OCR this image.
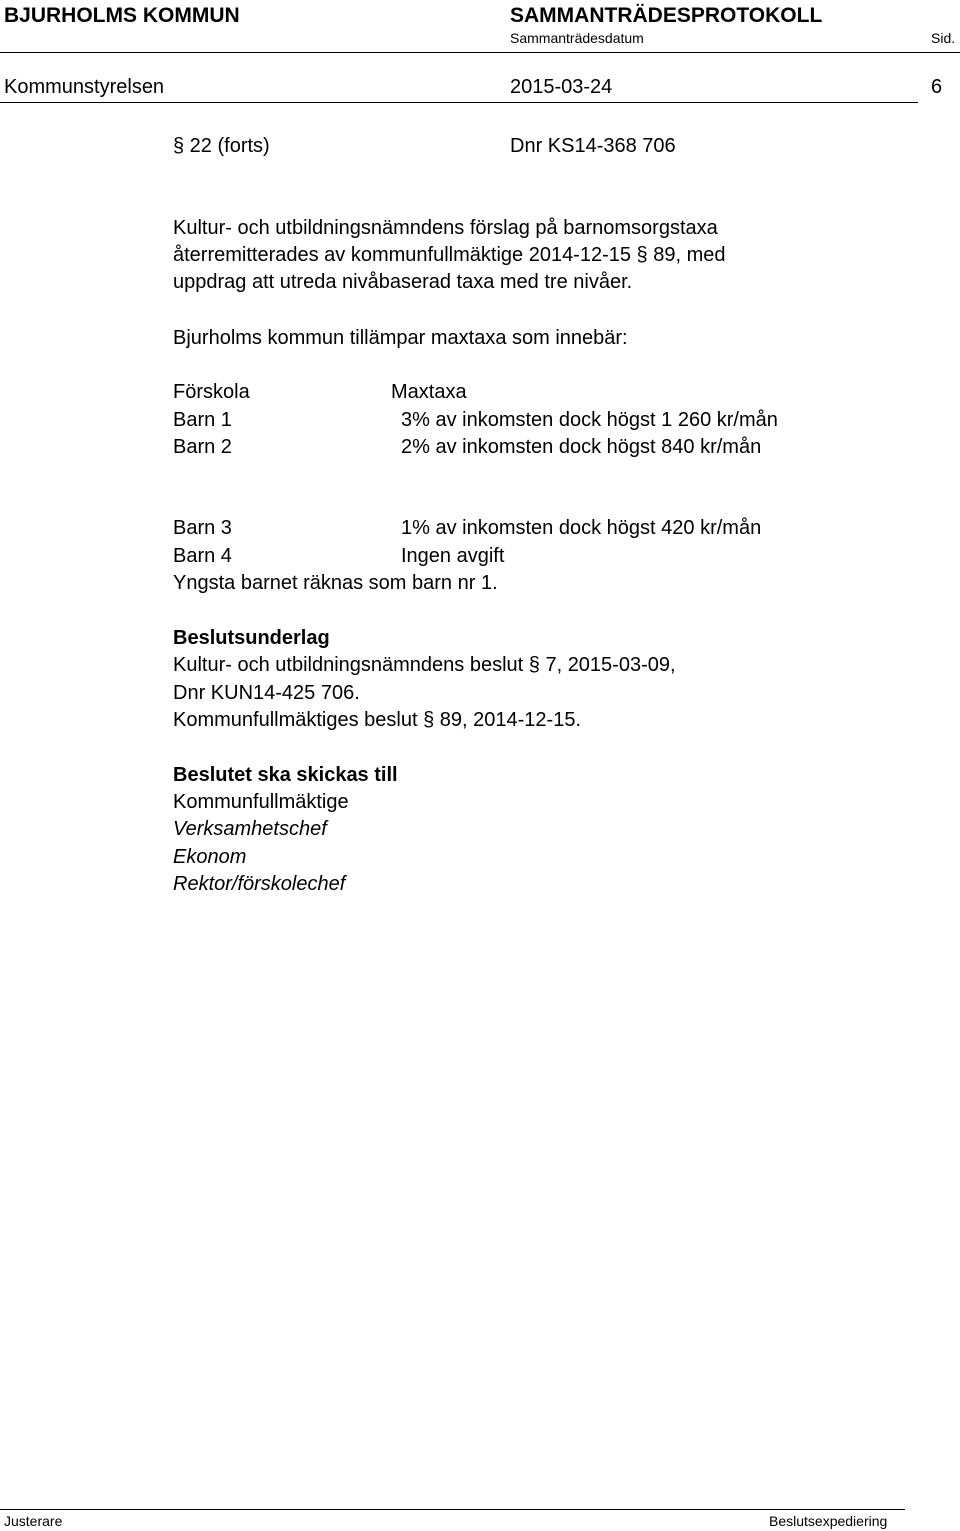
BJURHOLMS KOMMUN	SAMMANTRÄDESPROTOKOLL
Sammanträdesdatum	Sid.
Kommunstyrelsen	2015-03-24	6
§ 22 (forts)	Dnr KS14-368 706
Kultur- och utbildningsnämndens förslag på barnomsorgstaxa
återremitterades av kommunfullmäktige 2014-12-15 § 89, med
uppdrag att utreda nivåbaserad taxa med tre nivåer.
Bjurholms kommun tillämpar maxtaxa som innebär:
Förskola	Maxtaxa
Barn 1	3% av inkomsten dock högst 1 260 kr/mån
Barn 2	2% av inkomsten dock högst 840 kr/mån
Barn 3	1% av inkomsten dock högst 420 kr/mån
Barn 4	Ingen avgift
Yngsta barnet räknas som barn nr 1.
Beslutsunderlag
Kultur- och utbildningsnämndens beslut § 7, 2015-03-09,
Dnr KUN14-425 706.
Kommunfullmäktiges beslut § 89, 2014-12-15.
Beslutet ska skickas till
Kommunfullmäktige
Verksamhetschef
Ekonom
Rektor/förskolechef
Justerare	Beslutsexpediering
